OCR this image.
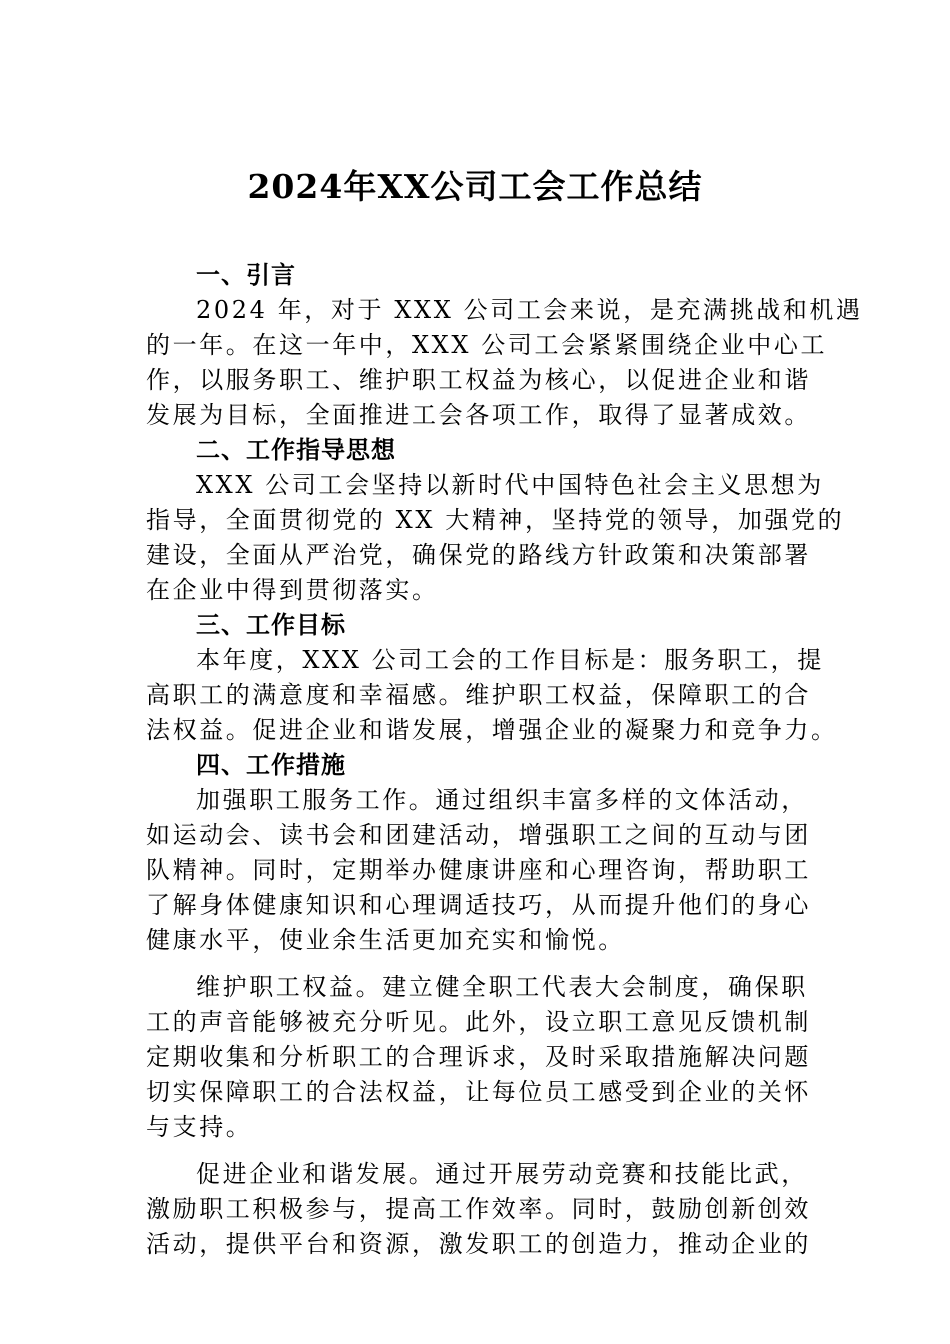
2024年XX公司工会工作总结
一、引言
2024 年，对于 XXX 公司工会来说，是充满挑战和机遇
的一年。在这一年中，XXX 公司工会紧紧围绕企业中心工
作，以服务职工、维护职工权益为核心，以促进企业和谐
发展为目标，全面推进工会各项工作，取得了显著成效。
二、工作指导思想
XXX 公司工会坚持以新时代中国特色社会主义思想为
指导，全面贯彻党的 XX 大精神，坚持党的领导，加强党的
建设，全面从严治党，确保党的路线方针政策和决策部署
在企业中得到贯彻落实。
三、工作目标
本年度，XXX 公司工会的工作目标是：服务职工，提
高职工的满意度和幸福感。维护职工权益，保障职工的合
法权益。促进企业和谐发展，增强企业的凝聚力和竞争力。
四、工作措施
加强职工服务工作。通过组织丰富多样的文体活动，
如运动会、读书会和团建活动，增强职工之间的互动与团
队精神。同时，定期举办健康讲座和心理咨询，帮助职工
了解身体健康知识和心理调适技巧，从而提升他们的身心
健康水平，使业余生活更加充实和愉悦。
维护职工权益。建立健全职工代表大会制度，确保职
工的声音能够被充分听见。此外，设立职工意见反馈机制
定期收集和分析职工的合理诉求，及时采取措施解决问题
切实保障职工的合法权益，让每位员工感受到企业的关怀
与支持。
促进企业和谐发展。通过开展劳动竞赛和技能比武，
激励职工积极参与，提高工作效率。同时，鼓励创新创效
活动，提供平台和资源，激发职工的创造力，推动企业的
